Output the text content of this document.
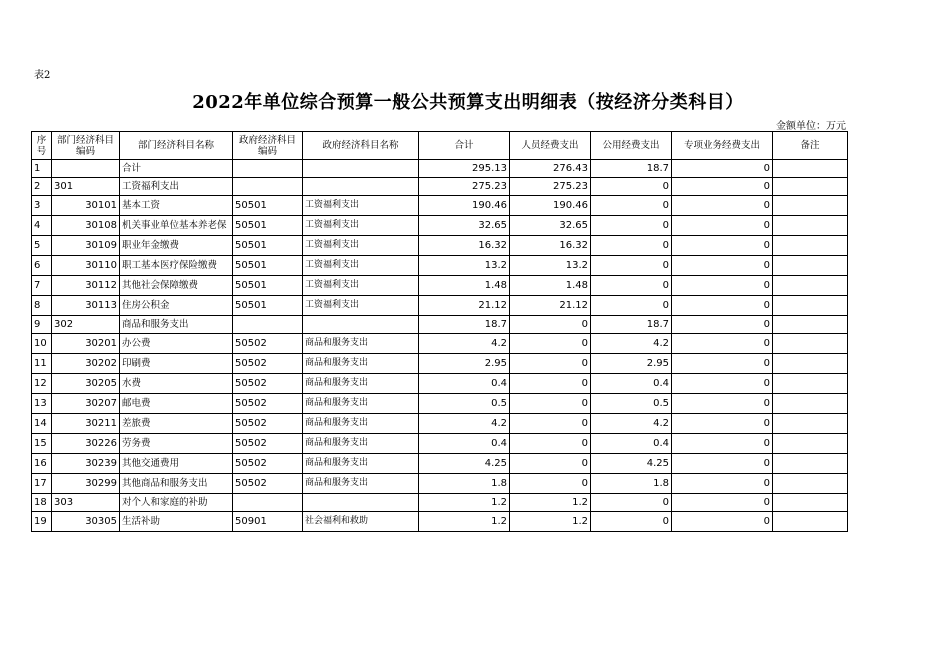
表2
2022年单位综合预算一般公共预算支出明细表（按经济分类科目）
金额单位：万元
序号	部门经济科目编码	部门经济科目名称	政府经济科目编码	政府经济科目名称	合计	人员经费支出	公用经费支出	专项业务经费支出	备注
1		合计			295.13	276.43	18.7	0	
2	301	工资福利支出			275.23	275.23	0	0	
3	30101	基本工资	50501	工资福利支出	190.46	190.46	0	0	
4	30108	机关事业单位基本养老保	50501	工资福利支出	32.65	32.65	0	0	
5	30109	职业年金缴费	50501	工资福利支出	16.32	16.32	0	0	
6	30110	职工基本医疗保险缴费	50501	工资福利支出	13.2	13.2	0	0	
7	30112	其他社会保障缴费	50501	工资福利支出	1.48	1.48	0	0	
8	30113	住房公积金	50501	工资福利支出	21.12	21.12	0	0	
9	302	商品和服务支出			18.7	0	18.7	0	
10	30201	办公费	50502	商品和服务支出	4.2	0	4.2	0	
11	30202	印刷费	50502	商品和服务支出	2.95	0	2.95	0	
12	30205	水费	50502	商品和服务支出	0.4	0	0.4	0	
13	30207	邮电费	50502	商品和服务支出	0.5	0	0.5	0	
14	30211	差旅费	50502	商品和服务支出	4.2	0	4.2	0	
15	30226	劳务费	50502	商品和服务支出	0.4	0	0.4	0	
16	30239	其他交通费用	50502	商品和服务支出	4.25	0	4.25	0	
17	30299	其他商品和服务支出	50502	商品和服务支出	1.8	0	1.8	0	
18	303	对个人和家庭的补助			1.2	1.2	0	0	
19	30305	生活补助	50901	社会福利和救助	1.2	1.2	0	0	
